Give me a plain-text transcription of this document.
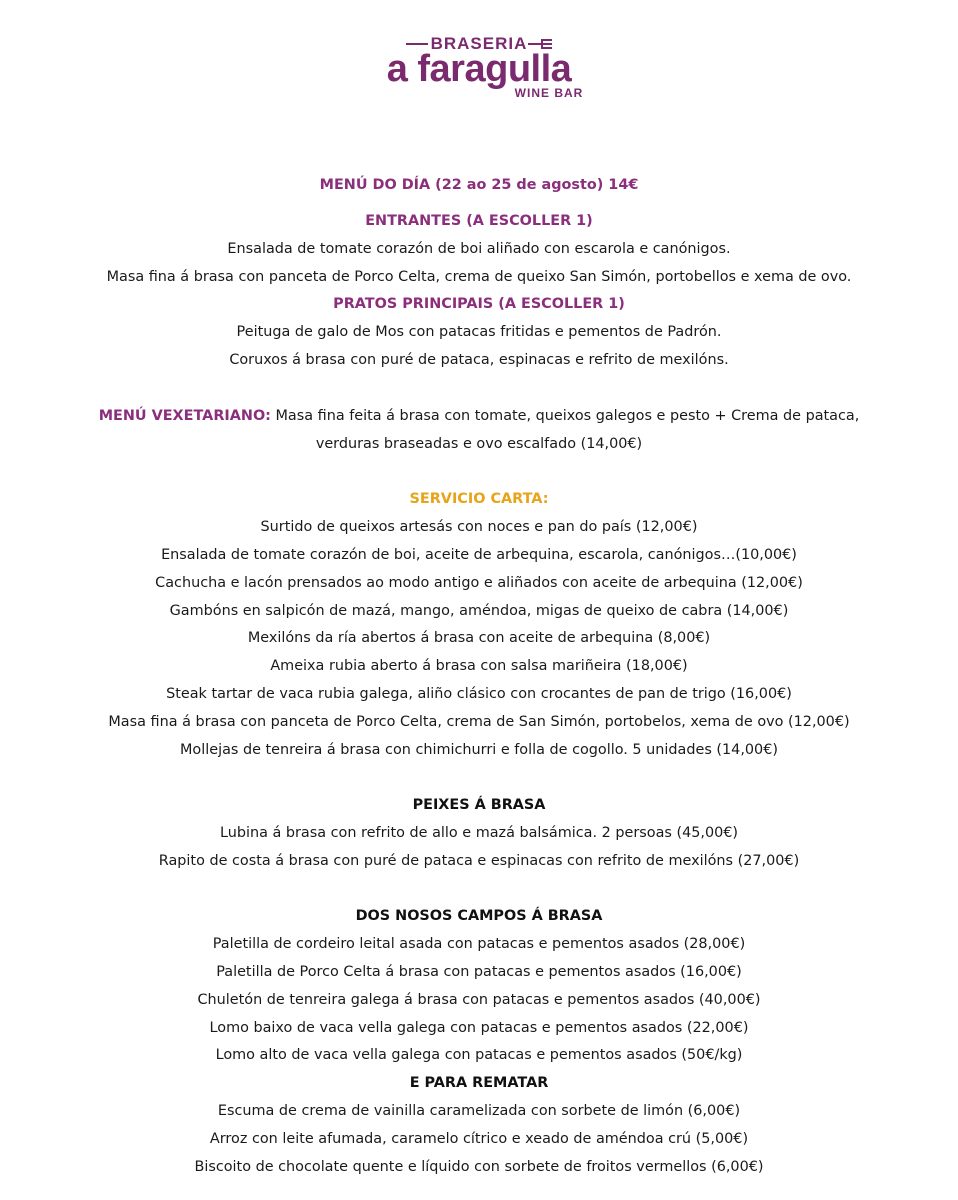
BRASERIA
a faragulla
WINE BAR
MENÚ DO DÍA (22 ao 25 de agosto) 14€
ENTRANTES (A ESCOLLER 1)
Ensalada de tomate corazón de boi aliñado con escarola e canónigos.
Masa fina á brasa con panceta de Porco Celta, crema de queixo San Simón, portobellos e xema de ovo.
PRATOS PRINCIPAIS (A ESCOLLER 1)
Peituga de galo de Mos con patacas fritidas e pementos de Padrón.
Coruxos á brasa con puré de pataca, espinacas e refrito de mexilóns.
MENÚ VEXETARIANO: Masa fina feita á brasa con tomate, queixos galegos e pesto + Crema de pataca,
verduras braseadas e ovo escalfado (14,00€)
SERVICIO CARTA:
Surtido de queixos artesás con noces e pan do país (12,00€)
Ensalada de tomate corazón de boi, aceite de arbequina, escarola, canónigos…(10,00€)
Cachucha e lacón prensados ao modo antigo e aliñados con aceite de arbequina (12,00€)
Gambóns en salpicón de mazá, mango, améndoa, migas de queixo de cabra (14,00€)
Mexilóns da ría abertos á brasa con aceite de arbequina (8,00€)
Ameixa rubia aberto á brasa con salsa mariñeira (18,00€)
Steak tartar de vaca rubia galega, aliño clásico con crocantes de pan de trigo (16,00€)
Masa fina á brasa con panceta de Porco Celta, crema de San Simón, portobelos, xema de ovo (12,00€)
Mollejas de tenreira á brasa con chimichurri e folla de cogollo. 5 unidades (14,00€)
PEIXES Á BRASA
Lubina á brasa con refrito de allo e mazá balsámica. 2 persoas (45,00€)
Rapito de costa á brasa con puré de pataca e espinacas con refrito de mexilóns (27,00€)
DOS NOSOS CAMPOS Á BRASA
Paletilla de cordeiro leital asada con patacas e pementos asados (28,00€)
Paletilla de Porco Celta á brasa con patacas e pementos asados (16,00€)
Chuletón de tenreira galega á brasa con patacas e pementos asados (40,00€)
Lomo baixo de vaca vella galega con patacas e pementos asados (22,00€)
Lomo alto de vaca vella galega con patacas e pementos asados (50€/kg)
E PARA REMATAR
Escuma de crema de vainilla caramelizada con sorbete de limón (6,00€)
Arroz con leite afumada, caramelo cítrico e xeado de améndoa crú (5,00€)
Biscoito de chocolate quente e líquido con sorbete de froitos vermellos (6,00€)
